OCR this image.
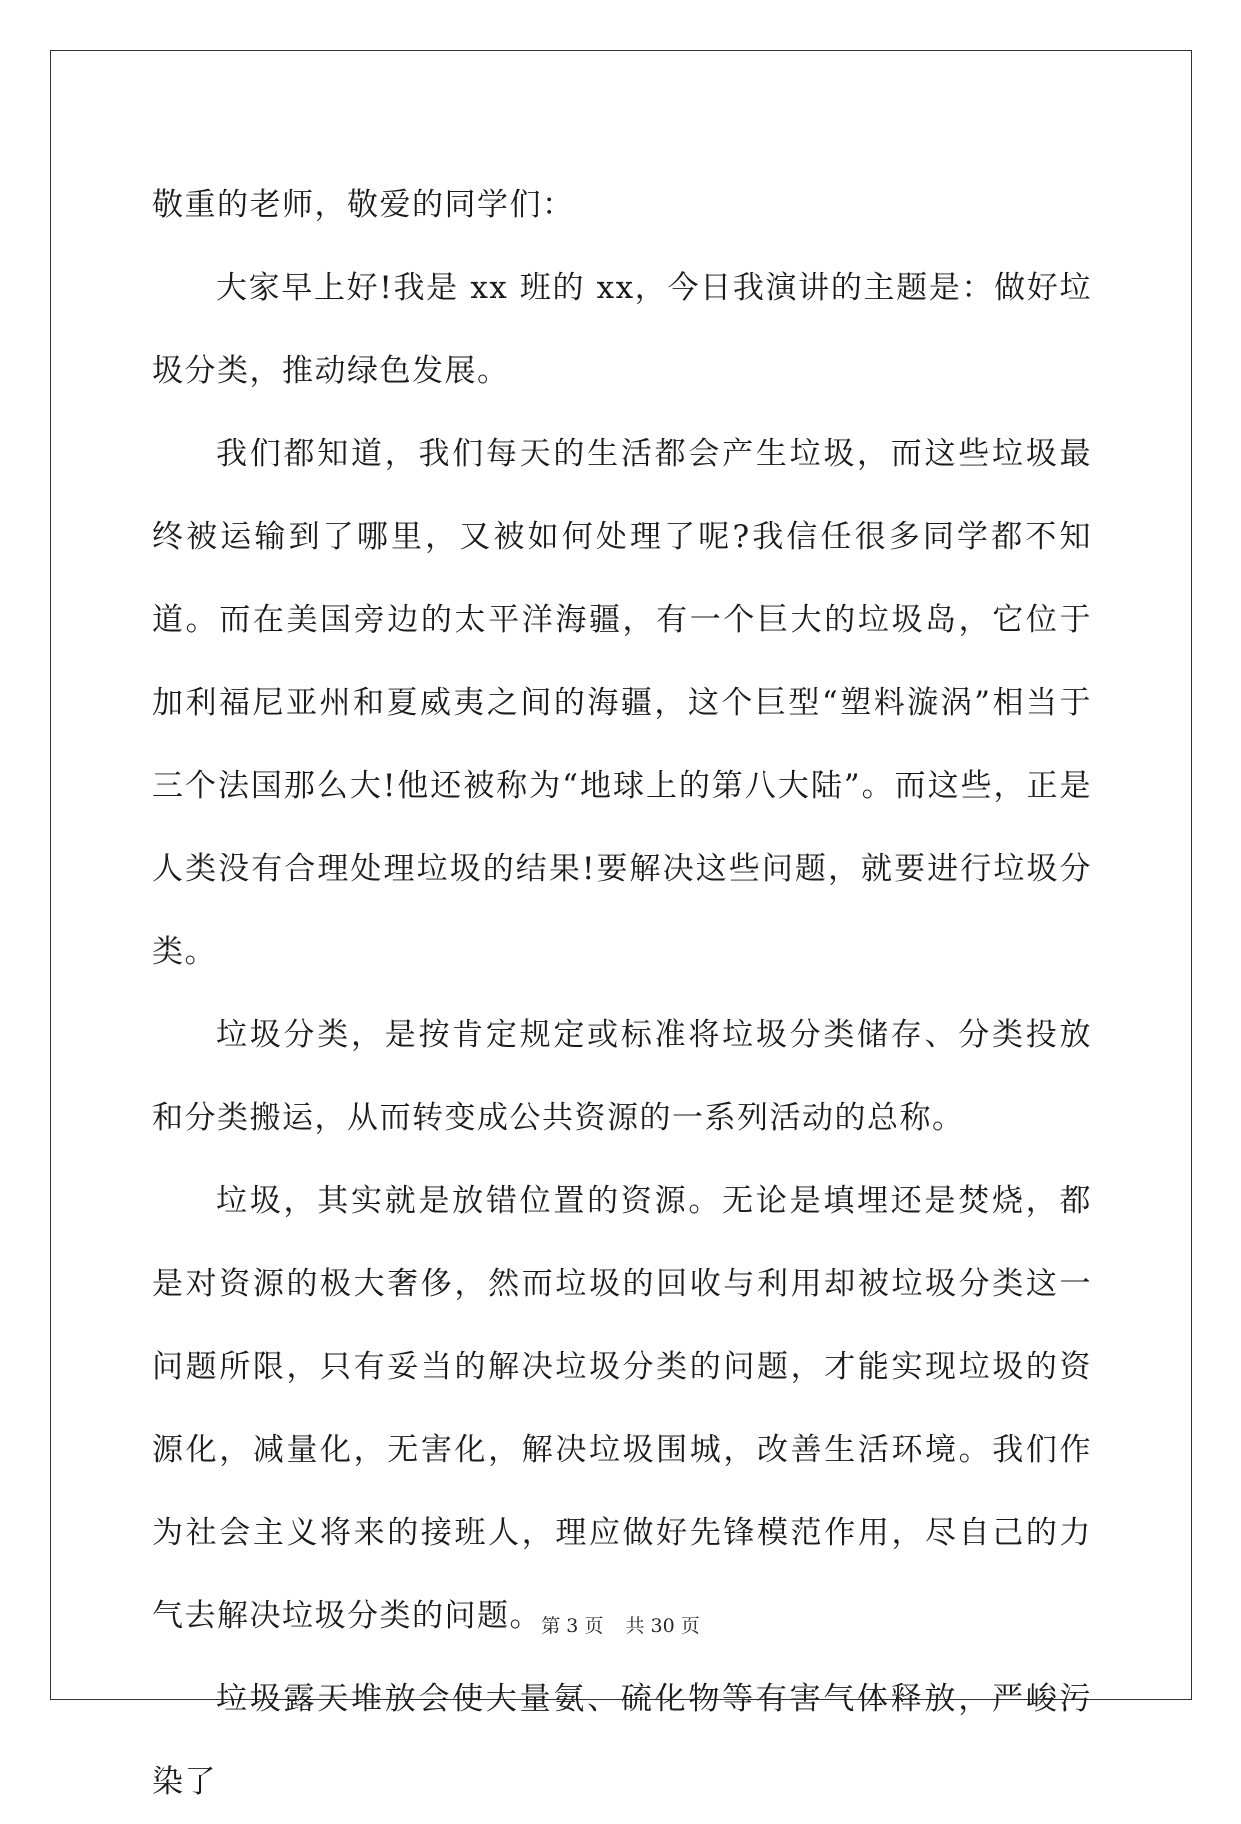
敬重的老师，敬爱的同学们：

大家早上好!我是 xx 班的 xx，今日我演讲的主题是：做好垃圾分类，推动绿色发展。

我们都知道，我们每天的生活都会产生垃圾，而这些垃圾最终被运输到了哪里，又被如何处理了呢?我信任很多同学都不知道。而在美国旁边的太平洋海疆，有一个巨大的垃圾岛，它位于加利福尼亚州和夏威夷之间的海疆，这个巨型“塑料漩涡”相当于三个法国那么大!他还被称为“地球上的第八大陆”。而这些，正是人类没有合理处理垃圾的结果!要解决这些问题，就要进行垃圾分类。

垃圾分类，是按肯定规定或标准将垃圾分类储存、分类投放和分类搬运，从而转变成公共资源的一系列活动的总称。

垃圾，其实就是放错位置的资源。无论是填埋还是焚烧，都是对资源的极大奢侈，然而垃圾的回收与利用却被垃圾分类这一问题所限，只有妥当的解决垃圾分类的问题，才能实现垃圾的资源化，减量化，无害化，解决垃圾围城，改善生活环境。我们作为社会主义将来的接班人，理应做好先锋模范作用，尽自己的力气去解决垃圾分类的问题。

垃圾露天堆放会使大量氨、硫化物等有害气体释放，严峻污染了

第 3 页 共 30 页
